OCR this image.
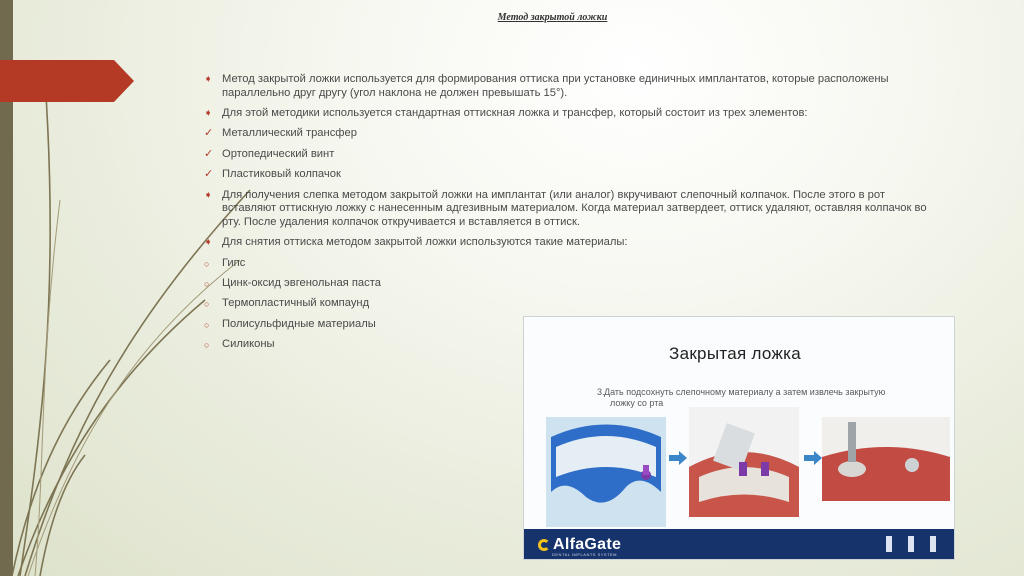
Метод закрытой ложки
➧ Метод закрытой ложки используется для формирования оттиска при установке единичных имплантатов, которые расположены параллельно друг другу (угол наклона не должен превышать 15°).
➧ Для этой методики используется стандартная оттискная ложка и трансфер, который состоит из трех элементов:
✓ Металлический трансфер
✓ Ортопедический винт
✓ Пластиковый колпачок
➧ Для получения слепка методом закрытой ложки на имплантат (или аналог) вкручивают слепочный колпачок. После этого в рот вставляют оттискную ложку с нанесенным адгезивным материалом. Когда материал затвердеет, оттиск удаляют, оставляя колпачок во рту. После удаления колпачок откручивается и вставляется в оттиск.
➧ Для снятия оттиска методом закрытой ложки используются такие материалы:
○	Гипс
○	Цинк-оксид эвгенольная паста
○	Термопластичный компаунд
○	Полисульфидные материалы
○	Силиконы	Закрытая ложка
3. Дать подсохнуть слепочному материалу а затем извлечь закрытую
ложку со рта
AlfaGate
DENTAL IMPLANTS SYSTEM
